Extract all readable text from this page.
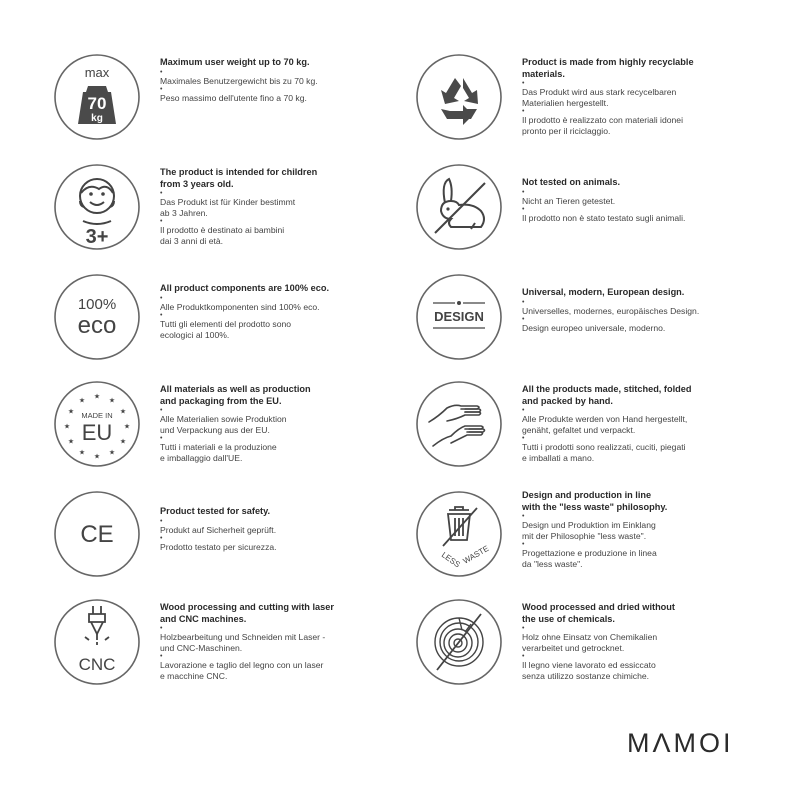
max
70
kg
Maximum user weight up to 70 kg.
•
Maximales Benutzergewicht bis zu 70 kg.
•
Peso massimo dell'utente fino a 70 kg.
Product is made from highly recyclable
materials.
•
Das Produkt wird aus stark recycelbaren
Materialien hergestellt.
•
Il prodotto è realizzato con materiali idonei
pronto per il riciclaggio.
3+
The product is intended for children
from 3 years old.
•
Das Produkt ist für Kinder bestimmt
ab 3 Jahren.
•
Il prodotto è destinato ai bambini
dai 3 anni di età.
Not tested on animals.
•
Nicht an Tieren getestet.
•
Il prodotto non è stato testato sugli animali.
100%
eco
All product components are 100% eco.
•
Alle Produktkomponenten sind 100% eco.
•
Tutti gli elementi del prodotto sono
ecologici al 100%.
DESIGN
Universal, modern, European design.
•
Universelles, modernes, europäisches Design.
•
Design europeo universale, moderno.
★
★
★
★
★
★
★
★
★
★
★
★
MADE IN
EU
All materials as well as production
and packaging from the EU.
•
Alle Materialien sowie Produktion
und Verpackung aus der EU.
•
Tutti i materiali e la produzione
e imballaggio dall'UE.
All the products made, stitched, folded
and packed by hand.
•
Alle Produkte werden von Hand hergestellt,
genäht, gefaltet und verpackt.
•
Tutti i prodotti sono realizzati, cuciti, piegati
e imballati a mano.
CE
Product tested for safety.
•
Produkt auf Sicherheit geprüft.
•
Prodotto testato per sicurezza.
LESS WASTE
Design and production in line
with the "less waste" philosophy.
•
Design und Produktion im Einklang
mit der Philosophie "less waste".
•
Progettazione e produzione in linea
da "less waste".
CNC
Wood processing and cutting with laser
and CNC machines.
•
Holzbearbeitung und Schneiden mit Laser -
und CNC-Maschinen.
•
Lavorazione e taglio del legno con un laser
e macchine CNC.
Wood processed and dried without
the use of chemicals.
•
Holz ohne Einsatz von Chemikalien
verarbeitet und getrocknet.
•
Il legno viene lavorato ed essiccato
senza utilizzo sostanze chimiche.
MΛMOI
